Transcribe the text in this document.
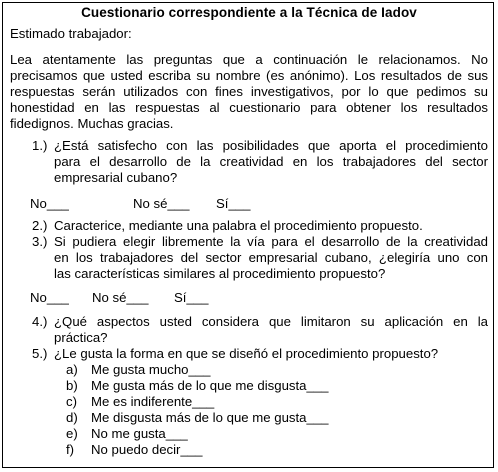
Cuestionario correspondiente a la Técnica de Iadov
Estimado trabajador:
Lea atentamente las preguntas que a continuación le relacionamos. No
precisamos que usted escriba su nombre (es anónimo). Los resultados de sus
respuestas serán utilizados con fines investigativos, por lo que pedimos su
honestidad en las respuestas al cuestionario para obtener los resultados
fidedignos. Muchas gracias.
1.) ¿Está satisfecho con las posibilidades que aporta el procedimiento
para el desarrollo de la creatividad en los trabajadores del sector
empresarial cubano?
No___	No sé___ Sí___
2.) Caracterice, mediante una palabra el procedimiento propuesto.
3.) Si pudiera elegir libremente la vía para el desarrollo de la creatividad
en los trabajadores del sector empresarial cubano, ¿elegiría uno con
las características similares al procedimiento propuesto?
No___ No sé___ Sí___
4.) ¿Qué aspectos usted considera que limitaron su aplicación en la
práctica?
5.) ¿Le gusta la forma en que se diseñó el procedimiento propuesto?
a) Me gusta mucho___
b) Me gusta más de lo que me disgusta___
c) Me es indiferente___
d) Me disgusta más de lo que me gusta___
e) No me gusta___
f) No puedo decir___
